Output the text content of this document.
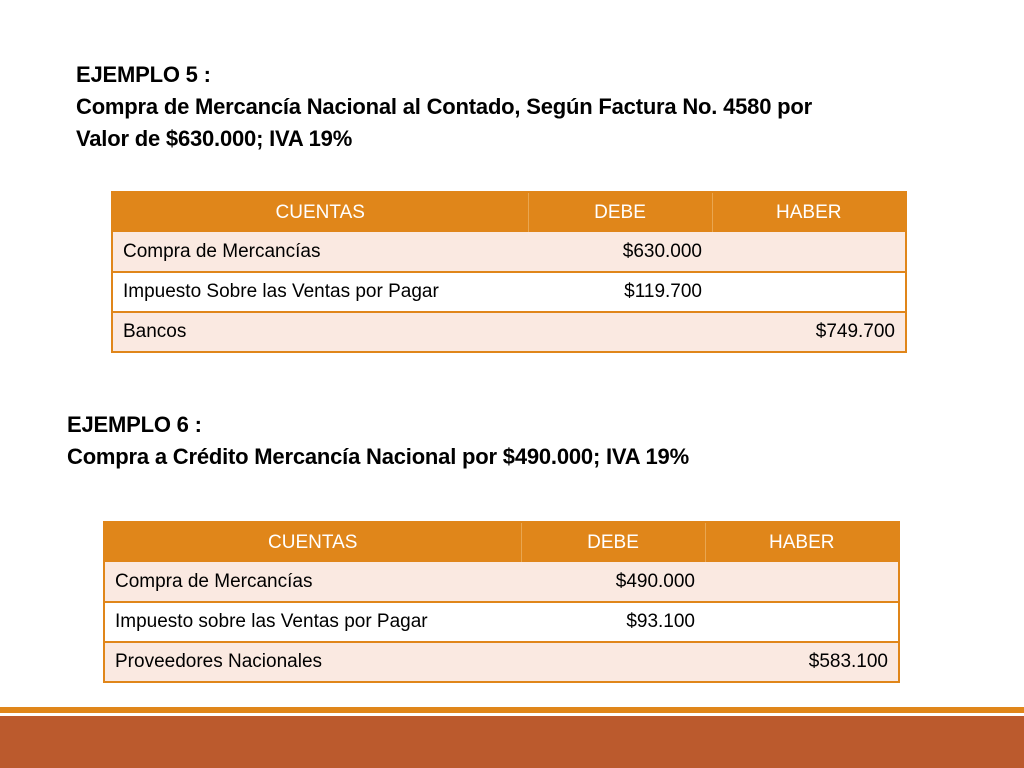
EJEMPLO 5 :
Compra de Mercancía Nacional al Contado, Según Factura No. 4580 por
Valor de $630.000; IVA 19%
CUENTAS	DEBE	HABER
Compra de Mercancías	$630.000	
Impuesto Sobre las Ventas por Pagar	$119.700	
Bancos		$749.700
EJEMPLO 6 :
Compra a Crédito Mercancía Nacional por $490.000; IVA 19%
CUENTAS	DEBE	HABER
Compra de Mercancías	$490.000	
Impuesto sobre las Ventas por Pagar	$93.100	
Proveedores Nacionales		$583.100
